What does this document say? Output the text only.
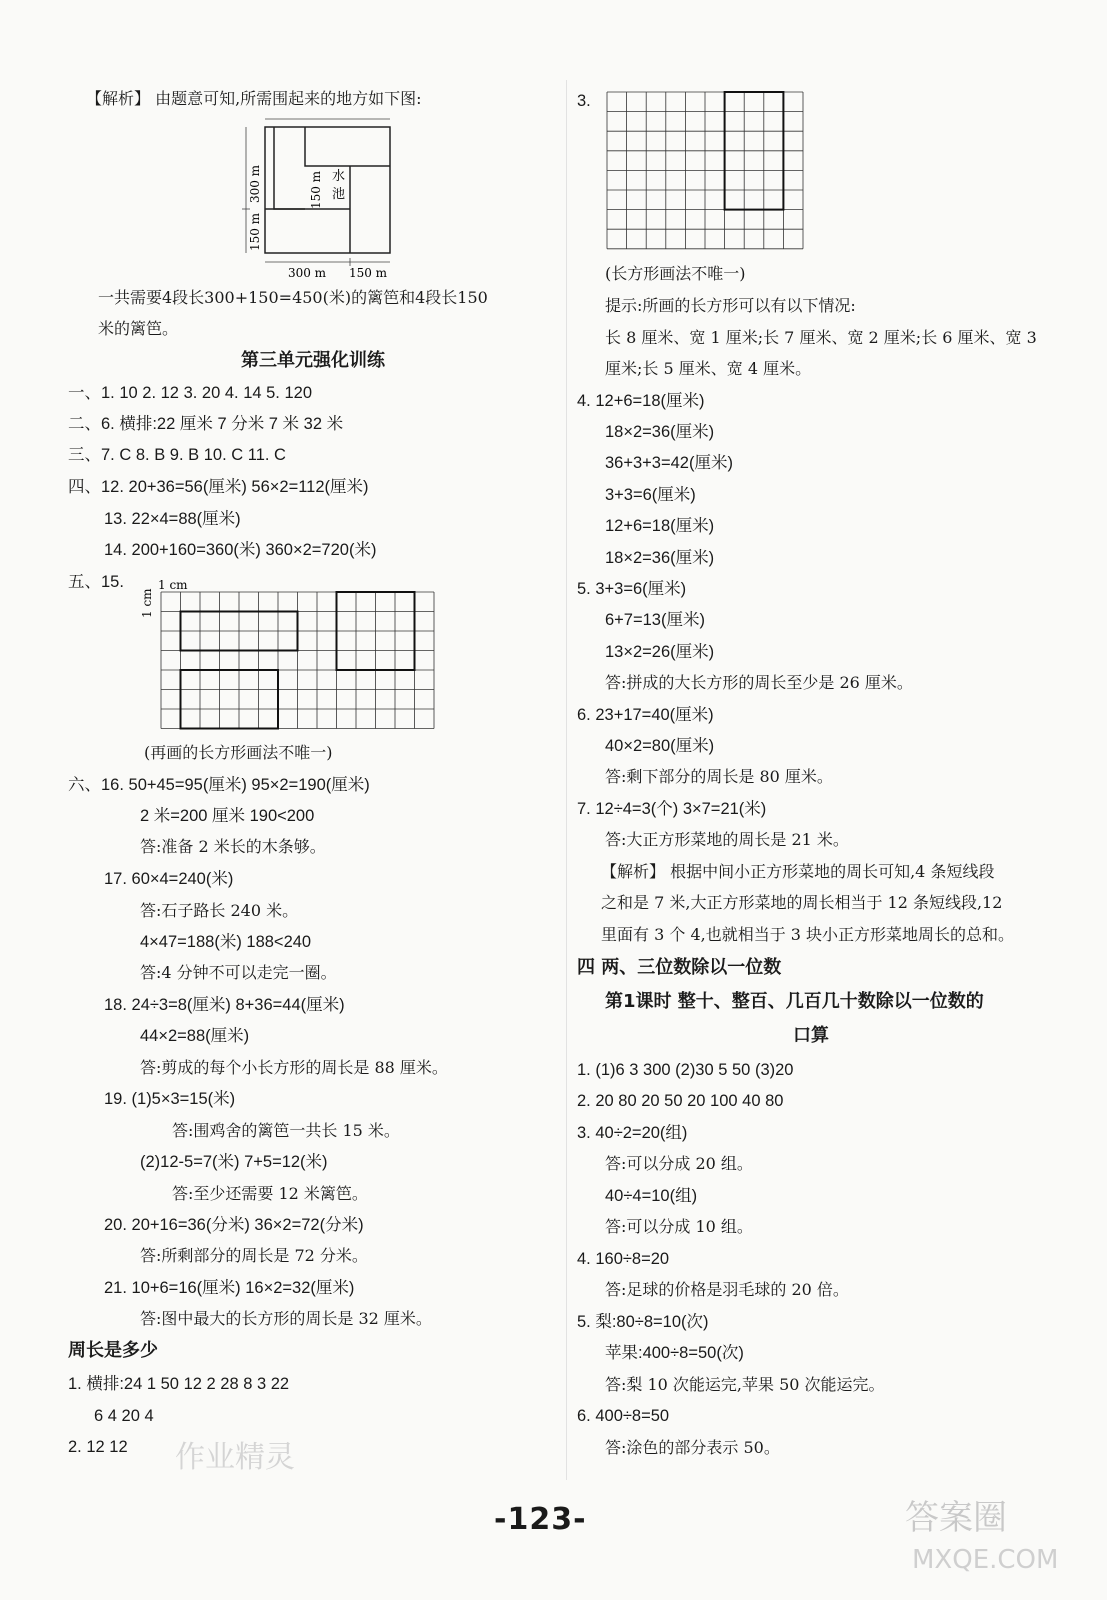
【解析】 由题意可知,所需围起来的地方如下图:
水
池
300 m	150 m
150 m
300 m 150 m
一共需要4段长300+150=450(米)的篱笆和4段长150
米的篱笆。
第三单元强化训练
一、1. 10 2. 12 3. 20 4. 14 5. 120
二、6. 横排:22 厘米 7 分米 7 米 32 米
三、7. C 8. B 9. B 10. C 11. C
四、12. 20+36=56(厘米) 56×2=112(厘米)
13. 22×4=88(厘米)
14. 200+160=360(米) 360×2=720(米)
五、15.	1 cm
1 cm
(再画的长方形画法不唯一)
六、16. 50+45=95(厘米) 95×2=190(厘米)
2 米=200 厘米 190<200
答:准备 2 米长的木条够。
17. 60×4=240(米)
答:石子路长 240 米。
4×47=188(米) 188<240
答:4 分钟不可以走完一圈。
18. 24÷3=8(厘米) 8+36=44(厘米)
44×2=88(厘米)
答:剪成的每个小长方形的周长是 88 厘米。
19. (1)5×3=15(米)
答:围鸡舍的篱笆一共长 15 米。
(2)12-5=7(米) 7+5=12(米)
答:至少还需要 12 米篱笆。
20. 20+16=36(分米) 36×2=72(分米)
答:所剩部分的周长是 72 分米。
21. 10+6=16(厘米) 16×2=32(厘米)
答:图中最大的长方形的周长是 32 厘米。
周长是多少
1. 横排:24 1 50 12 2 28 8 3 22
6 4 20 4
2. 12 12
3.
(长方形画法不唯一)
提示:所画的长方形可以有以下情况:
长 8 厘米、宽 1 厘米;长 7 厘米、宽 2 厘米;长 6 厘米、宽 3
厘米;长 5 厘米、宽 4 厘米。
4. 12+6=18(厘米)
18×2=36(厘米)
36+3+3=42(厘米)
3+3=6(厘米)
12+6=18(厘米)
18×2=36(厘米)
5. 3+3=6(厘米)
6+7=13(厘米)
13×2=26(厘米)
答:拼成的大长方形的周长至少是 26 厘米。
6. 23+17=40(厘米)
40×2=80(厘米)
答:剩下部分的周长是 80 厘米。
7. 12÷4=3(个) 3×7=21(米)
答:大正方形菜地的周长是 21 米。
【解析】 根据中间小正方形菜地的周长可知,4 条短线段
之和是 7 米,大正方形菜地的周长相当于 12 条短线段,12
里面有 3 个 4,也就相当于 3 块小正方形菜地周长的总和。
四 两、三位数除以一位数
第1课时 整十、整百、几百几十数除以一位数的
口算
1. (1)6 3 300 (2)30 5 50 (3)20
2. 20 80 20 50 20 100 40 80
3. 40÷2=20(组)
答:可以分成 20 组。
40÷4=10(组)
答:可以分成 10 组。
4. 160÷8=20
答:足球的价格是羽毛球的 20 倍。
5. 梨:80÷8=10(次)
苹果:400÷8=50(次)
答:梨 10 次能运完,苹果 50 次能运完。
6. 400÷8=50
答:涂色的部分表示 50。
-123-
作业精灵
答案圈
MXQE.COM
